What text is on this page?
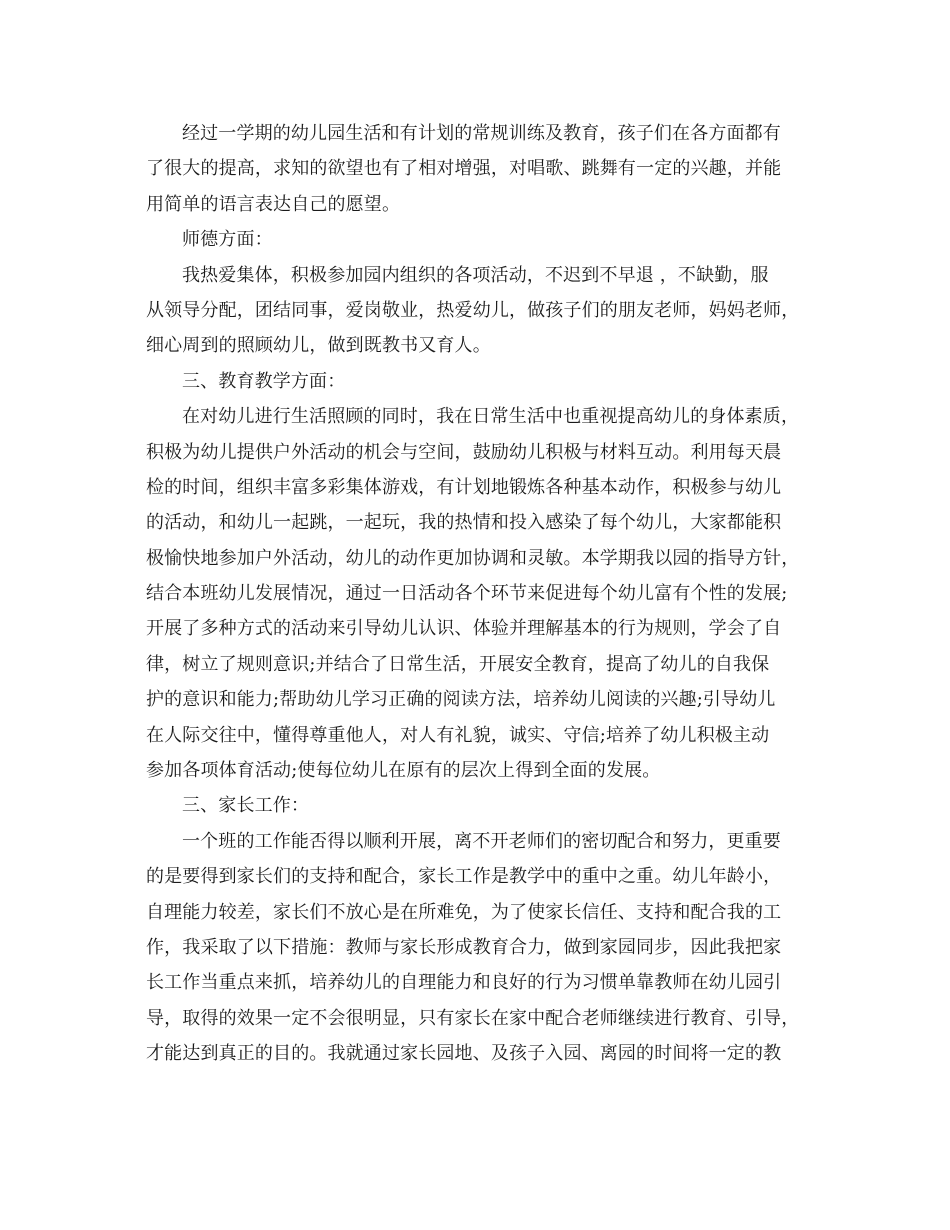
经过一学期的幼儿园生活和有计划的常规训练及教育，孩子们在各方面都有
了很大的提高，求知的欲望也有了相对增强，对唱歌、跳舞有一定的兴趣，并能
用简单的语言表达自己的愿望。
师德方面：
我热爱集体，积极参加园内组织的各项活动，不迟到不早退 ，不缺勤，服
从领导分配，团结同事，爱岗敬业，热爱幼儿，做孩子们的朋友老师，妈妈老师，
细心周到的照顾幼儿，做到既教书又育人。
三、教育教学方面：
在对幼儿进行生活照顾的同时，我在日常生活中也重视提高幼儿的身体素质，
积极为幼儿提供户外活动的机会与空间，鼓励幼儿积极与材料互动。利用每天晨
检的时间，组织丰富多彩集体游戏，有计划地锻炼各种基本动作，积极参与幼儿
的活动，和幼儿一起跳，一起玩，我的热情和投入感染了每个幼儿，大家都能积
极愉快地参加户外活动，幼儿的动作更加协调和灵敏。本学期我以园的指导方针，
结合本班幼儿发展情况，通过一日活动各个环节来促进每个幼儿富有个性的发展;
开展了多种方式的活动来引导幼儿认识、体验并理解基本的行为规则，学会了自
律，树立了规则意识;并结合了日常生活，开展安全教育，提高了幼儿的自我保
护的意识和能力;帮助幼儿学习正确的阅读方法，培养幼儿阅读的兴趣;引导幼儿
在人际交往中，懂得尊重他人，对人有礼貌，诚实、守信;培养了幼儿积极主动
参加各项体育活动;使每位幼儿在原有的层次上得到全面的发展。
三、家长工作：
一个班的工作能否得以顺利开展，离不开老师们的密切配合和努力，更重要
的是要得到家长们的支持和配合，家长工作是教学中的重中之重。幼儿年龄小，
自理能力较差，家长们不放心是在所难免，为了使家长信任、支持和配合我的工
作，我采取了以下措施：教师与家长形成教育合力，做到家园同步，因此我把家
长工作当重点来抓，培养幼儿的自理能力和良好的行为习惯单靠教师在幼儿园引
导，取得的效果一定不会很明显，只有家长在家中配合老师继续进行教育、引导，
才能达到真正的目的。我就通过家长园地、及孩子入园、离园的时间将一定的教
